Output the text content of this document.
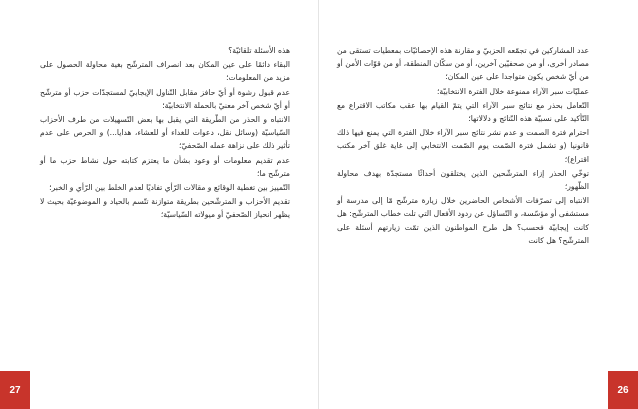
هذه الأسئلة تلقائيّة؟

البقاء دائمًا على عين المكان بعد انصراف المترشّح بغية محاولة الحصول على مزيد من المعلومات؛

عدم قبول رشوة أو أيّ حافز مقابل التّناول الإيجابيّ لمستجدّات حزب أو مترشّح أو أيّ شخص آخر معنيّ بالحملة الانتخابيّة؛

الانتباه و الحذر من الطّريقة التي يقبل بها بعض التّسهيلات من طرف الأحزاب السّياسيّة (وسائل نقل، دعوات للغداء أو للعشاء، هدايا...) و الحرص على عدم تأثير ذلك على نزاهة عمله الصّحفيّ؛

عدم تقديم معلومات أو وعود بشأن ما يعتزم كتابته حول نشاط حزب ما أو مترشّح ما؛

التّمييز بين تغطية الوقائع و مقالات الرّأي تفاديًا لعدم الخلط بين الرّأي و الخبر؛

تقديم الأحزاب و المترشّحين بطريقة متوازنة تتّسم بالحياد و الموضوعيّة بحيث لا يظهر انحياز الصّحفيّ أو ميولاته السّياسيّة؛

27

عدد المشاركين في تجمّعه الحزبيّ و مقارنة هذه الإحصائيّات بمعطيات تستقى من مصادر أخرى، أو من صحفيّين آخرين، أو من سكّان المنطقة، أو من قوّات الأمن أو من أيّ شخص يكون متواجدا على عين المكان؛

عمليّات سبر الآراء ممنوعة خلال الفترة الانتخابيّة؛

التّعامل بحذر مع نتائج سبر الآراء التي يتمّ القيام بها عقب مكاتب الاقتراع مع التّأكيد على نسبيّة هذه النّتائج و دلالاتها؛

احترام فترة الصمت و عدم نشر نتائج سبر الآراء خلال الفترة التي يمنع فيها ذلك قانونيا (و تشمل فترة الصّمت يوم الصّمت الانتخابي إلى غاية غلق آخر مكتب اقتراع)؛

توخّي الحذر إزاء المترشّحين الذين يختلقون أحداثًا مستجدّة بهدف محاولة الظّهور؛

الانتباه إلى تصرّفات الأشخاص الحاضرين خلال زيارة مترشّح مّا إلى مدرسة أو مستشفى أو مؤسّسة، و التّساؤل عن ردود الأفعال التي تلت خطاب المترشّح: هل كانت إيجابيّة فحسب؟ هل طرح المواطنون الذين تمّت زيارتهم أسئلة على المترشّح؟ هل كانت

26
